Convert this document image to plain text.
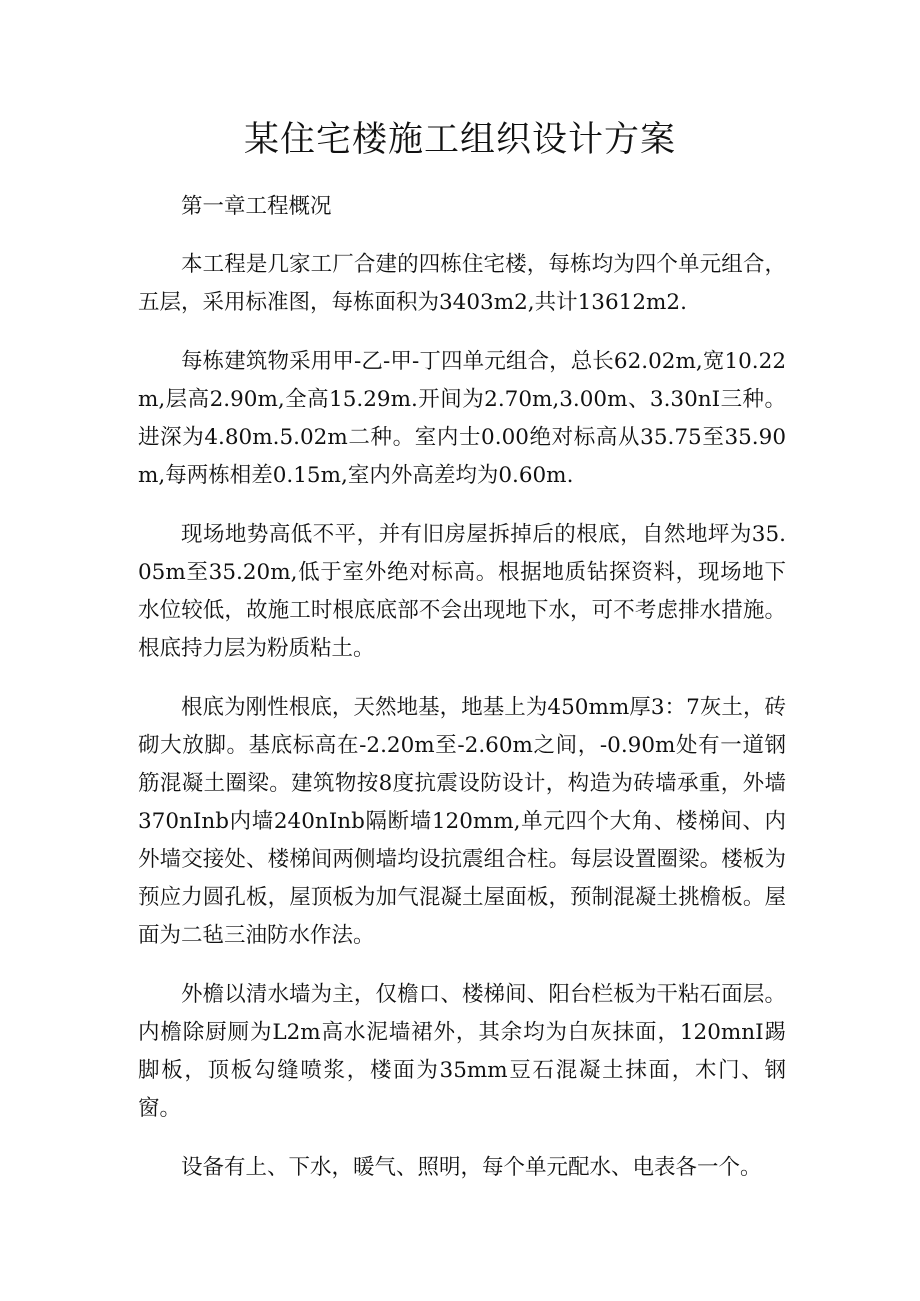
某住宅楼施工组织设计方案

第一章工程概况

本工程是几家工厂合建的四栋住宅楼，每栋均为四个单元组合，五层，采用标准图，每栋面积为3403m2,共计13612m2.

每栋建筑物采用甲-乙-甲-丁四单元组合，总长62.02m,宽10.22m,层高2.90m,全高15.29m.开间为2.70m,3.00m、3.30nI三种。进深为4.80m.5.02m二种。室内士0.00绝对标高从35.75至35.90m,每两栋相差0.15m,室内外高差均为0.60m.

现场地势高低不平，并有旧房屋拆掉后的根底，自然地坪为35.05m至35.20m,低于室外绝对标高。根据地质钻探资料，现场地下水位较低，故施工时根底底部不会出现地下水，可不考虑排水措施。根底持力层为粉质粘土。

根底为刚性根底，天然地基，地基上为450mm厚3：7灰土，砖砌大放脚。基底标高在-2.20m至-2.60m之间，-0.90m处有一道钢筋混凝土圈梁。建筑物按8度抗震设防设计，构造为砖墙承重，外墙370nInb内墙240nInb隔断墙120mm,单元四个大角、楼梯间、内外墙交接处、楼梯间两侧墙均设抗震组合柱。每层设置圈梁。楼板为预应力圆孔板，屋顶板为加气混凝土屋面板，预制混凝土挑檐板。屋面为二毡三油防水作法。

外檐以清水墙为主，仅檐口、楼梯间、阳台栏板为干粘石面层。内檐除厨厕为L2m高水泥墙裙外，其余均为白灰抹面，120mnI踢脚板，顶板勾缝喷浆，楼面为35mm豆石混凝土抹面，木门、钢窗。

设备有上、下水，暖气、照明，每个单元配水、电表各一个。
